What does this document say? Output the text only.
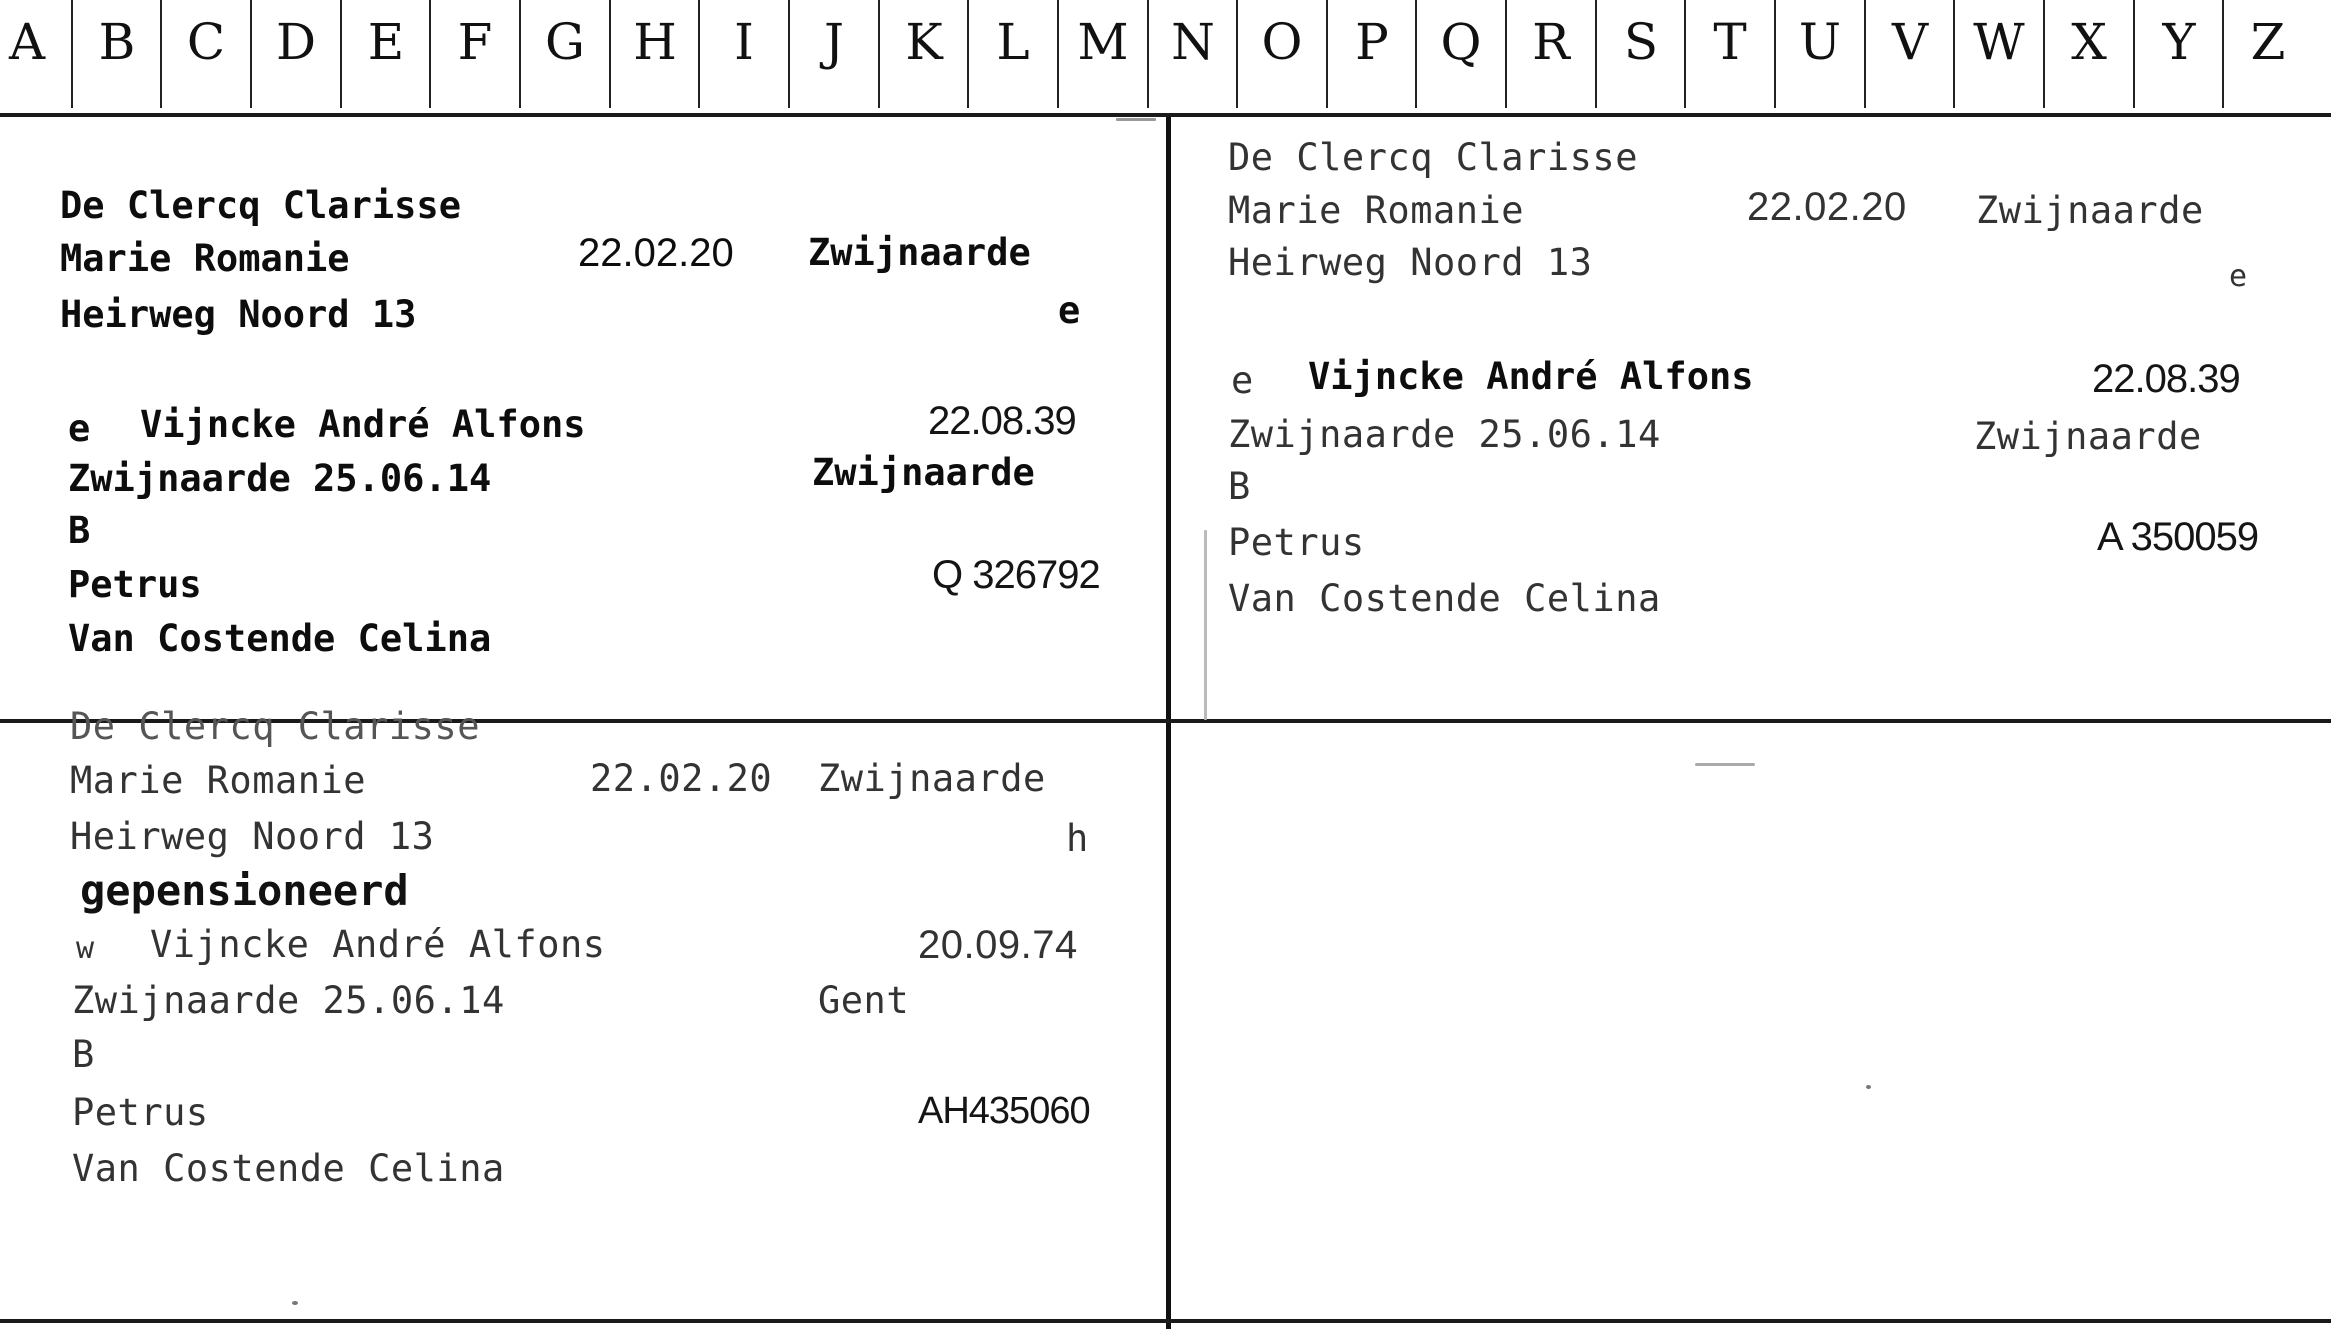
A	B	C	D	E	F	G H	I	J	K	L M N O	P	Q	R	S	T	U	V W X	Y	Z
De Clercq Clarisse
Marie Romanie	22.02.20 Zwijnaarde
Heirweg Noord 13	e
e Vijncke André Alfons	22.08.39
Zwijnaarde 25.06.14	Zwijnaarde
B
Petrus	Q 326792
Van Costende Celina
De Clercq Clarisse
Marie Romanie	22.02.20 Zwijnaarde
Heirweg Noord 13	e
e Vijncke André Alfons	22.08.39
Zwijnaarde 25.06.14	Zwijnaarde
B
Petrus	A 350059
Van Costende Celina
De Clercq Clarisse
Marie Romanie	22.02.20 Zwijnaarde
Heirweg Noord 13	h
gepensioneerd
w Vijncke André Alfons	20.09.74
Zwijnaarde 25.06.14	Gent
B
Petrus	AH435060
Van Costende Celina
